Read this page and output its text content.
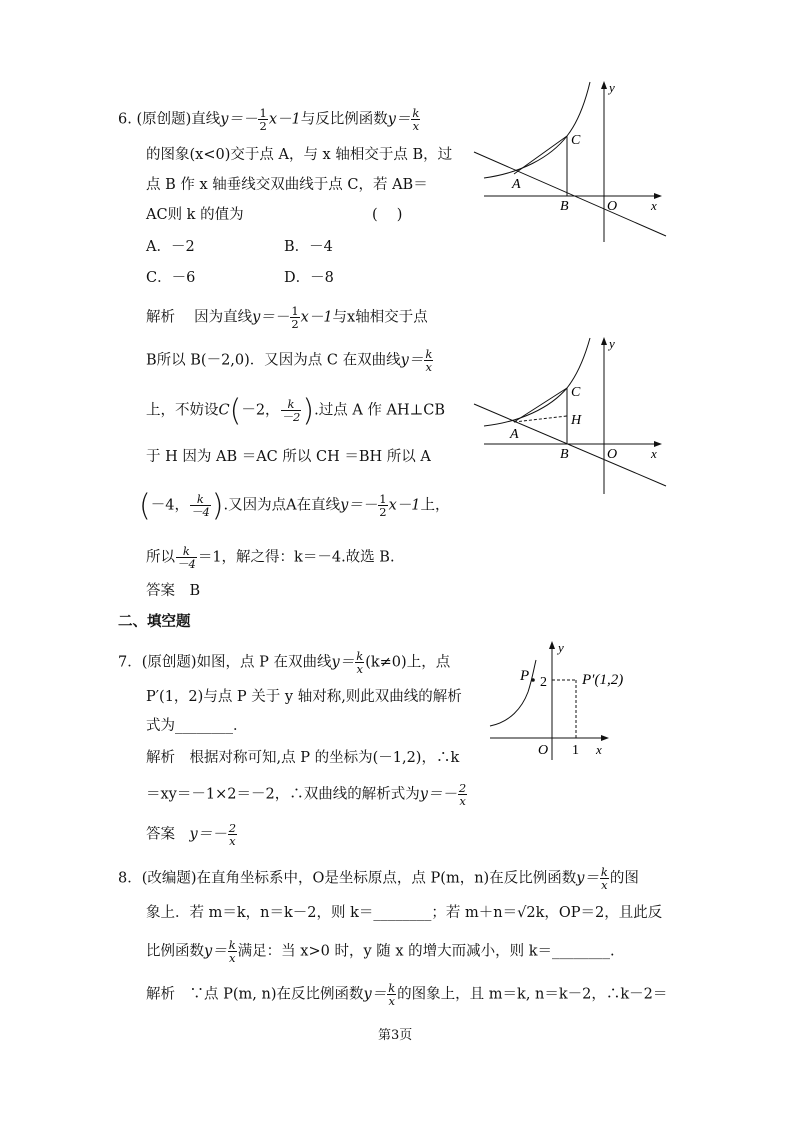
6. (原创题)直线$y=- \frac{1}{2} x-1$与反比例函数$y= \frac{k}{x}$
的图象(x<0)交于点 A，与 x 轴相交于点 B，过
点 B 作 x 轴垂线交双曲线于点 C，若 AB＝
AC则 k 的值为	(　 )
A．－2	B．－4
C．－6	D．－8
解析　 因为直线$y=- \frac{1}{2} x-1$与x轴相交于点
B所以 B(－2,0)．又因为点 C 在双曲线$y= \frac{k}{x}$
上，不妨设C(－2， $\frac{k}{-2}$ ).过点 A 作 AH⊥CB
于 H 因为 AB ＝AC 所以 CH ＝BH 所以 A
(－4， $\frac{k}{-4}$ ).又因为点A在直线$y=- \frac{1}{2} x-1$上，
所以 $\frac{k}{-4} =1$，解之得：k＝－4.故选 B.
答案　 B
二、填空题
7．(原创题)如图，点 P 在双曲线$y= \frac{k}{x} (k\ne 0)$上，点
P′(1，2)与点 P 关于 y 轴对称,则此双曲线的解析
式为________．
解析　 根据对称可知,点 P 的坐标为(－1,2)，∴k
＝xy＝－1×2＝－2，∴双曲线的解析式为$y=- \frac{2}{x}$
答案　 $y=- \frac{2}{x}$
8．(改编题)在直角坐标系中，O是坐标原点，点 P(m，n)在反比例函数$y= \frac{k}{x}$ 的图
象上．若 m＝k，n＝k－2，则 k＝________；若 m＋n＝√2k，OP＝2，且此反
比例函数$y= \frac{k}{x}$ 满足：当 x>0 时，y 随 x 的增大而减小，则 k＝________.
解析　 ∵点 P(m, n)在反比例函数$y= \frac{k}{x}$ 的图象上，且 m＝k, n＝k－2，∴k－2＝
第3页
y
C
A
B	O	x
y
C
H
A
B	O	x
y
P 2 P′(1,2)
O 1 x
